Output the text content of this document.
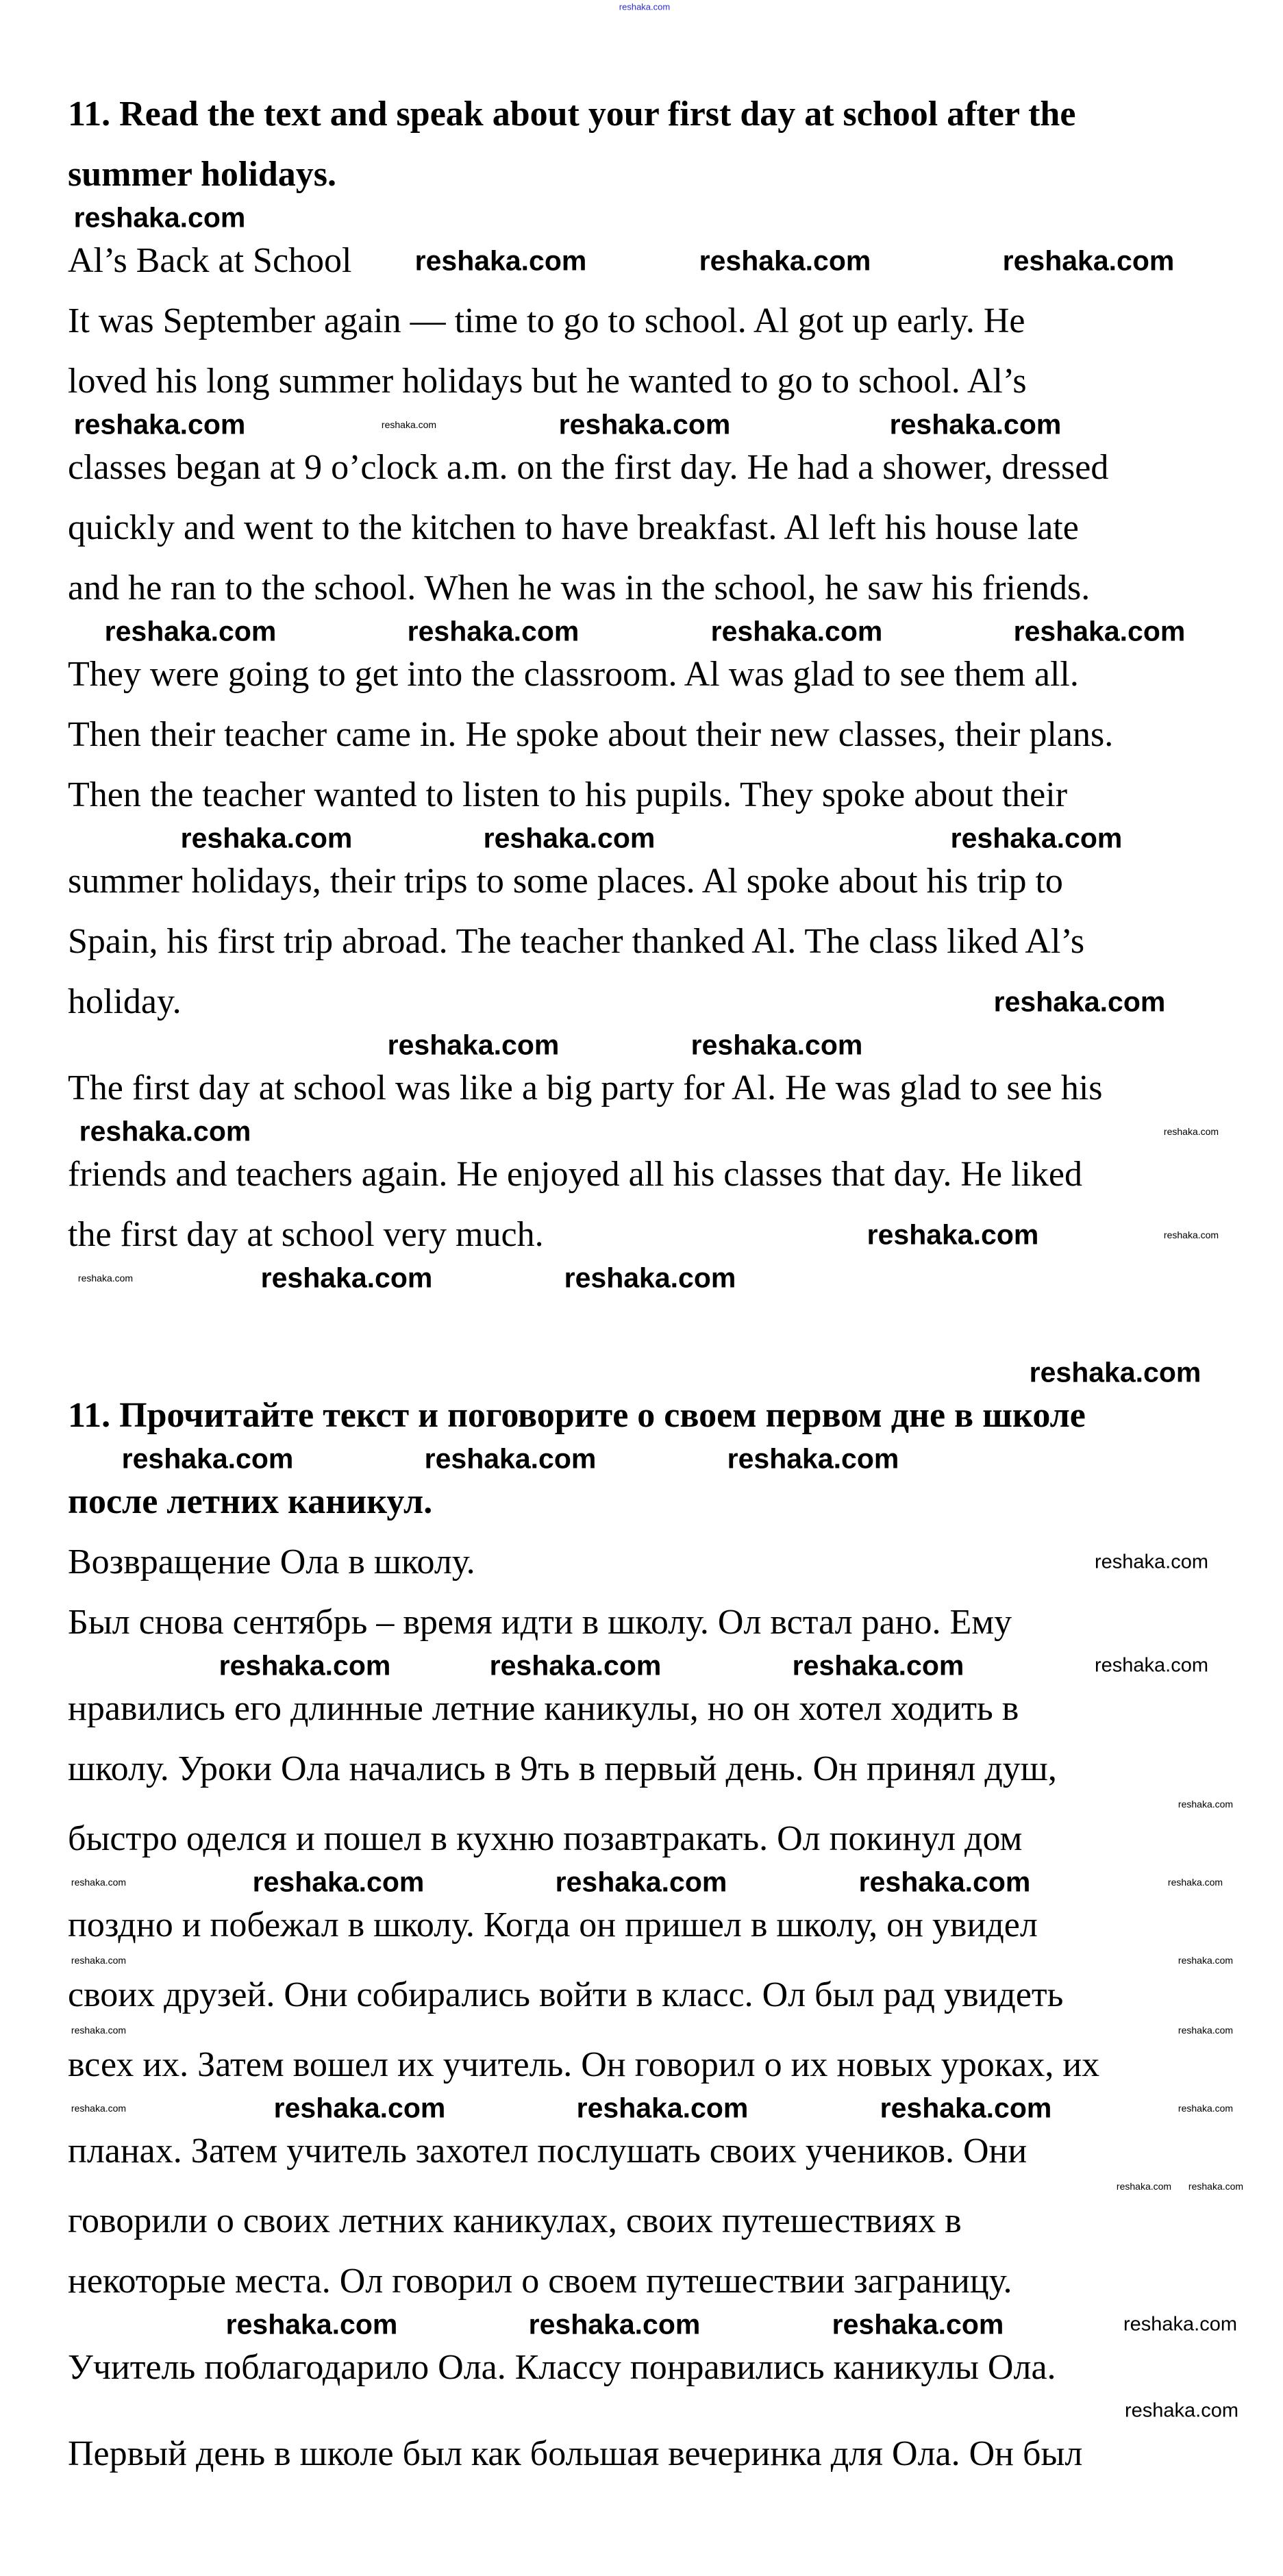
reshaka.com
11. Read the text and speak about your first day at school after the
summer holidays.
reshaka.com
Al’s Back at School reshaka.com	reshaka.com	reshaka.com
It was September again — time to go to school. Al got up early. He
loved his long summer holidays but he wanted to go to school. Al’s
reshaka.com	reshaka.com	reshaka.com	reshaka.com
classes began at 9 o’clock a.m. on the first day. He had a shower, dressed
quickly and went to the kitchen to have breakfast. Al left his house late
and he ran to the school. When he was in the school, he saw his friends.
reshaka.com	reshaka.com	reshaka.com	reshaka.com
They were going to get into the classroom. Al was glad to see them all.
Then their teacher came in. He spoke about their new classes, their plans.
Then the teacher wanted to listen to his pupils. They spoke about their
reshaka.com	reshaka.com	reshaka.com
summer holidays, their trips to some places. Al spoke about his trip to
Spain, his first trip abroad. The teacher thanked Al. The class liked Al’s
holiday.	reshaka.com
reshaka.com	reshaka.com
The first day at school was like a big party for Al. He was glad to see his
reshaka.com	reshaka.com
friends and teachers again. He enjoyed all his classes that day. He liked
the first day at school very much.	reshaka.com	reshaka.com
reshaka.com	reshaka.com	reshaka.com
reshaka.com
11. Прочитайте текст и поговорите о своем первом дне в школе
reshaka.com	reshaka.com	reshaka.com
после летних каникул.
Возвращение Ола в школу.	reshaka.com
Был снова сентябрь – время идти в школу. Ол встал рано. Ему
reshaka.com	reshaka.com	reshaka.com	reshaka.com
нравились его длинные летние каникулы, но он хотел ходить в
школу. Уроки Ола начались в 9ть в первый день. Он принял душ,
reshaka.com
быстро оделся и пошел в кухню позавтракать. Ол покинул дом
reshaka.com	reshaka.com	reshaka.com	reshaka.com	reshaka.com
поздно и побежал в школу. Когда он пришел в школу, он увидел
reshaka.com	reshaka.com
своих друзей. Они собирались войти в класс. Ол был рад увидеть
reshaka.com	reshaka.com
всех их. Затем вошел их учитель. Он говорил о их новых уроках, их
reshaka.com	reshaka.com	reshaka.com	reshaka.com	reshaka.com
планах. Затем учитель захотел послушать своих учеников. Они
reshaka.com reshaka.com
говорили о своих летних каникулах, своих путешествиях в
некоторые места. Ол говорил о своем путешествии заграницу.
reshaka.com	reshaka.com	reshaka.com	reshaka.com
Учитель поблагодарило Ола. Классу понравились каникулы Ола.
reshaka.com
Первый день в школе был как большая вечеринка для Ола. Он был
